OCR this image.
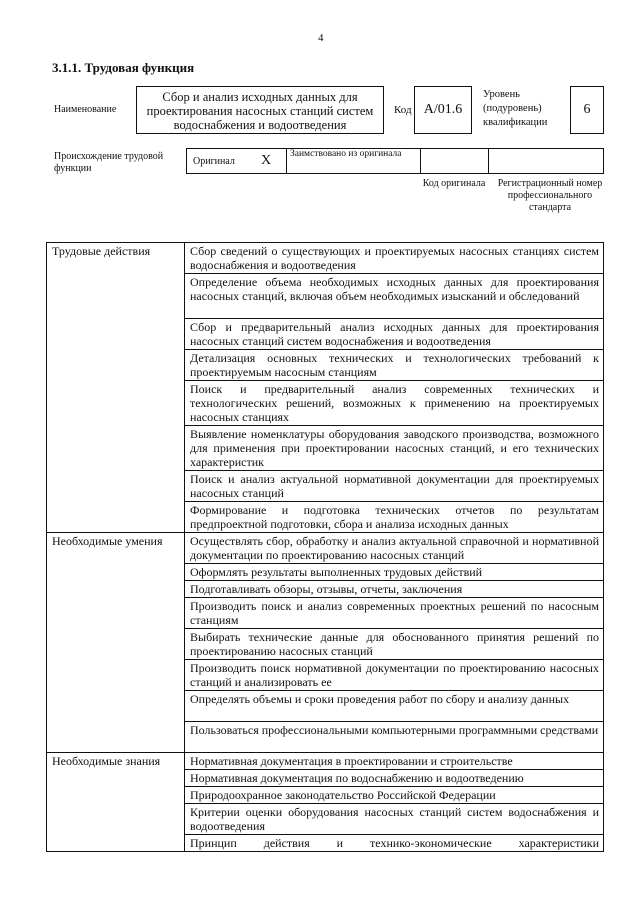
4
3.1.1. Трудовая функция
Наименование
Сбор и анализ исходных данных для проектирования насосных станций систем водоснабжения и водоотведения
Код A/01.6
Уровень (подуровень) квалификации
6
Происхождение трудовой функции
Оригинал	X	Заимствовано из оригинала
Код оригинала	Регистрационный номер профессионального стандарта
Трудовые действия	Сбор сведений о существующих и проектируемых насосных станциях систем водоснабжения и водоотведения
	Определение объема необходимых исходных данных для проектирования насосных станций, включая объем необходимых изысканий и обследований
	Сбор и предварительный анализ исходных данных для проектирования насосных станций систем водоснабжения и водоотведения
	Детализация основных технических и технологических требований к проектируемым насосным станциям
	Поиск и предварительный анализ современных технических и технологических решений, возможных к применению на проектируемых насосных станциях
	Выявление номенклатуры оборудования заводского производства, возможного для применения при проектировании насосных станций, и его технических характеристик
	Поиск и анализ актуальной нормативной документации для проектируемых насосных станций
	Формирование и подготовка технических отчетов по результатам предпроектной подготовки, сбора и анализа исходных данных
Необходимые умения	Осуществлять сбор, обработку и анализ актуальной справочной и нормативной документации по проектированию насосных станций
	Оформлять результаты выполненных трудовых действий
	Подготавливать обзоры, отзывы, отчеты, заключения
	Производить поиск и анализ современных проектных решений по насосным станциям
	Выбирать технические данные для обоснованного принятия решений по проектированию насосных станций
	Производить поиск нормативной документации по проектированию насосных станций и анализировать ее
	Определять объемы и сроки проведения работ по сбору и анализу данных
	Пользоваться профессиональными компьютерными программными средствами
Необходимые знания	Нормативная документация в проектировании и строительстве
	Нормативная документация по водоснабжению и водоотведению
	Природоохранное законодательство Российской Федерации
	Критерии оценки оборудования насосных станций систем водоснабжения и водоотведения
	Принцип действия и технико-экономические характеристики
